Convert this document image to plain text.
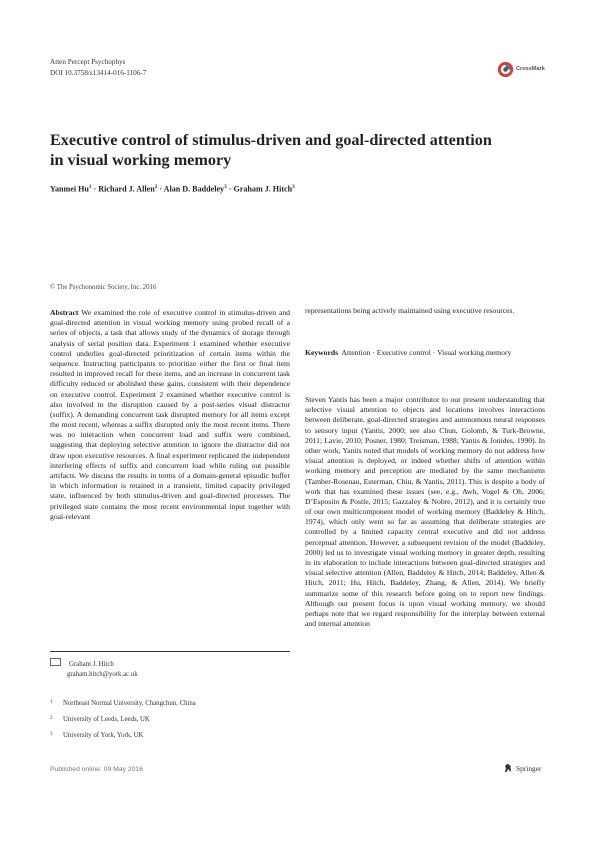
Atten Percept Psychophys
DOI 10.3758/s13414-016-1106-7	CrossMark
Executive control of stimulus-driven and goal-directed attention
in visual working memory
Yanmei $Hu^1$ · Richard J. Allen$^2$ · Alan D. Baddeley$^3$ · Graham J. Hitch$^3$
© The Psychonomic Society, Inc. 2016

Abstract We examined the role of executive control in stimulus-driven and goal-directed attention in visual working memory using probed recall of a series of objects, a task that allows study of the dynamics of storage through analysis of serial position data. Experiment 1 examined whether executive control underlies goal-directed prioritization of certain items within the sequence. Instructing participants to prioritize either the first or final item resulted in improved recall for these items, and an increase in concurrent task difficulty reduced or abolished these gains, consistent with their dependence on executive control. Experiment 2 examined whether executive control is also involved in the disruption caused by a post-series visual distractor (suffix). A demanding concurrent task disrupted memory for all items except the most recent, whereas a suffix disrupted only the most recent items. There was no interaction when concurrent load and suffix were combined, suggesting that deploying selective attention to ignore the distractor did not draw upon executive resources. A final experiment replicated the independent interfering effects of suffix and concurrent load while ruling out possible artifacts. We discuss the results in terms of a domain-general episodic buffer in which information is retained in a transient, limited capacity privileged state, influenced by both stimulus-driven and goal-directed processes. The privileged state contains the most recent environmental input together with goal-relevant

representations being actively maintained using executive resources.

Keywords Attention · Executive control · Visual working memory

Steven Yantis has been a major contributor to our present understanding that selective visual attention to objects and locations involves interactions between deliberate, goal-directed strategies and autonomous neural responses to sensory input (Yantis, 2000; see also Chun, Golomb, & Turk-Browne, 2011; Lavie, 2010; Posner, 1980; Treisman, 1988; Yantis & Jonides, 1990). In other work, Yantis noted that models of working memory do not address how visual attention is deployed, or indeed whether shifts of attention within working memory and perception are mediated by the same mechanisms (Tamber-Rosenau, Esterman, Chiu, & Yantis, 2011). This is despite a body of work that has examined these issues (see, e.g., Awh, Vogel & Oh, 2006; D’Esposito & Postle, 2015; Gazzaley & Nobre, 2012), and it is certainly true of our own multicomponent model of working memory (Baddeley & Hitch, 1974), which only went so far as assuming that deliberate strategies are controlled by a limited capacity central executive and did not address perceptual attention. However, a subsequent revision of the model (Baddeley, 2000) led us to investigate visual working memory in greater depth, resulting in its elaboration to include interactions between goal-directed strategies and visual selective attention (Allen, Baddeley & Hitch, 2014; Baddeley, Allen & Hitch, 2011; Hu, Hitch, Baddeley, Zhang, & Allen, 2014). We briefly summarize some of this research before going on to report new findings. Although our present focus is upon visual working memory, we should perhaps note that we regard responsibility for the interplay between external and internal attention

Graham J. Hitch
graham.hitch@york.ac.uk
1 Northeast Normal University, Changchun, China
2 University of Leeds, Leeds, UK
3 University of York, York, UK
Published online: 09 May 2016	Springer
